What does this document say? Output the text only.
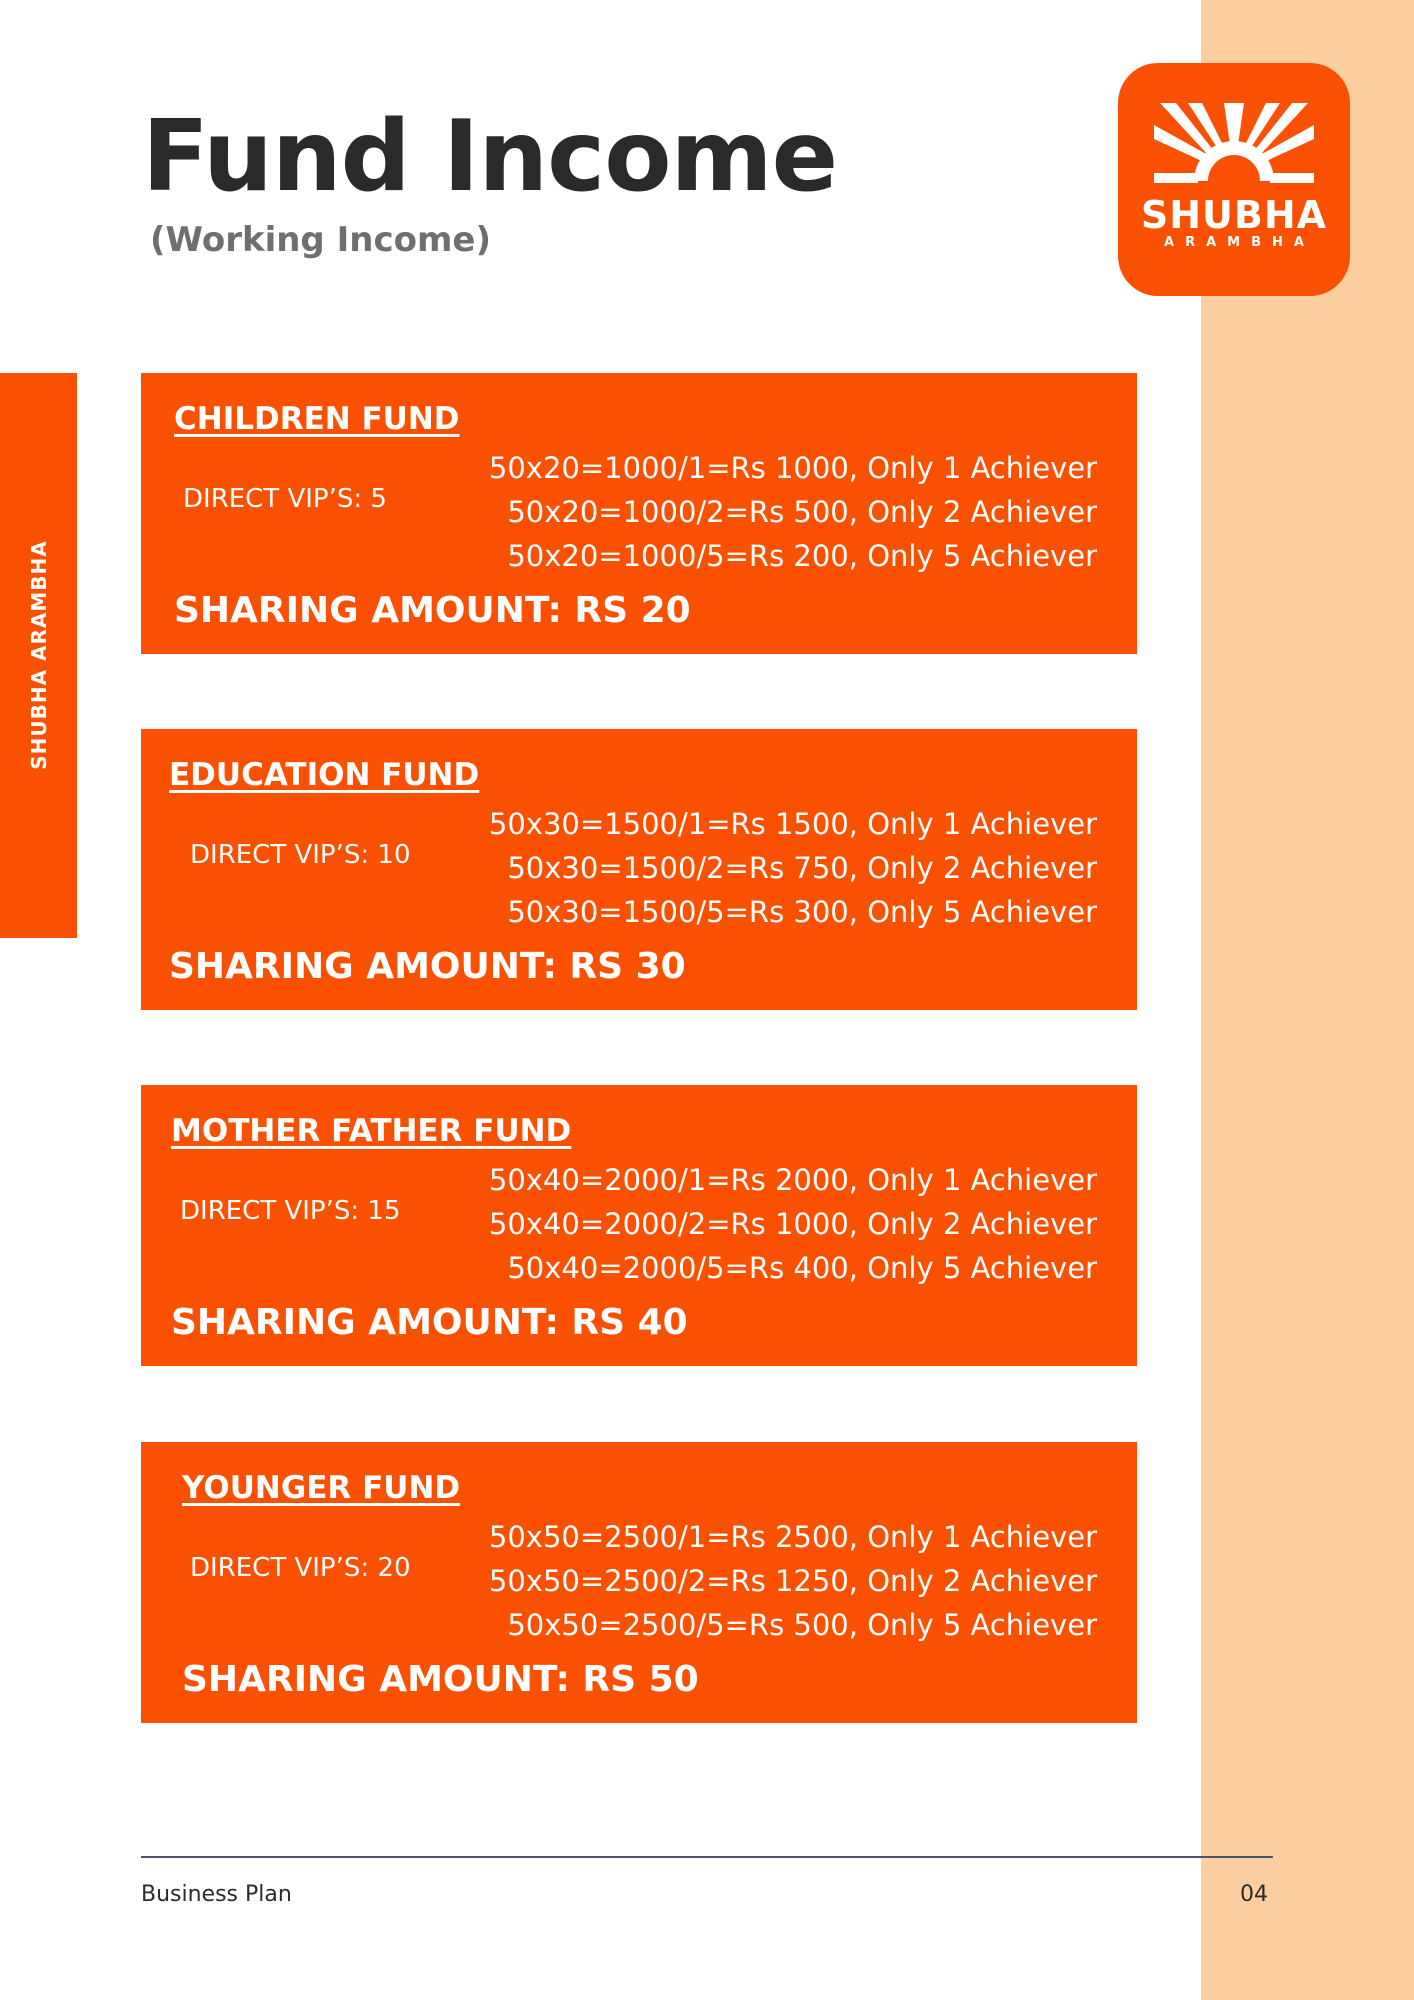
SHUBHA
ARAMBHA
Fund Income
(Working Income)
SHUBHA ARAMBHA
CHILDREN FUND
DIRECT VIP’S: 5
50x20=1000/1=Rs 1000, Only 1 Achiever
50x20=1000/2=Rs 500, Only 2 Achiever
50x20=1000/5=Rs 200, Only 5 Achiever
SHARING AMOUNT: RS 20
EDUCATION FUND
DIRECT VIP’S: 10
50x30=1500/1=Rs 1500, Only 1 Achiever
50x30=1500/2=Rs 750, Only 2 Achiever
50x30=1500/5=Rs 300, Only 5 Achiever
SHARING AMOUNT: RS 30
MOTHER FATHER FUND
DIRECT VIP’S: 15
50x40=2000/1=Rs 2000, Only 1 Achiever
50x40=2000/2=Rs 1000, Only 2 Achiever
50x40=2000/5=Rs 400, Only 5 Achiever
SHARING AMOUNT: RS 40
YOUNGER FUND
DIRECT VIP’S: 20
50x50=2500/1=Rs 2500, Only 1 Achiever
50x50=2500/2=Rs 1250, Only 2 Achiever
50x50=2500/5=Rs 500, Only 5 Achiever
SHARING AMOUNT: RS 50
Business Plan	04
